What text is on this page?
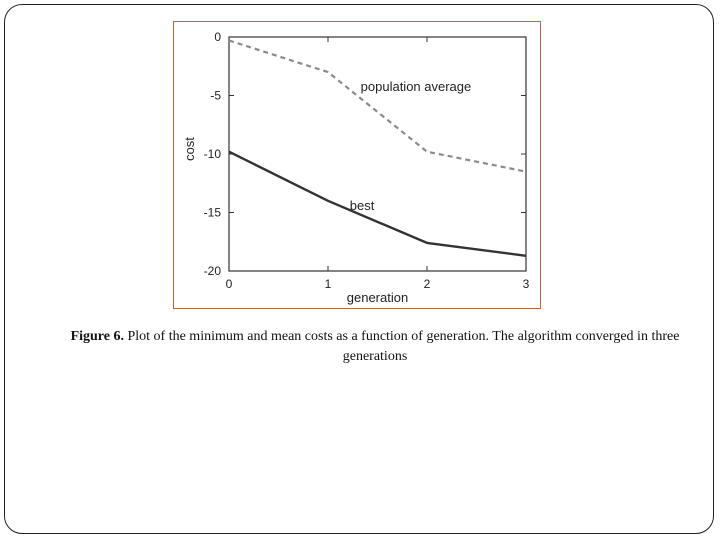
0	1	2	3
0
-5
-10
-15
-20
generation
cost
population average
best
Figure 6. Plot of the minimum and mean costs as a function of generation. The algorithm converged in three generations
